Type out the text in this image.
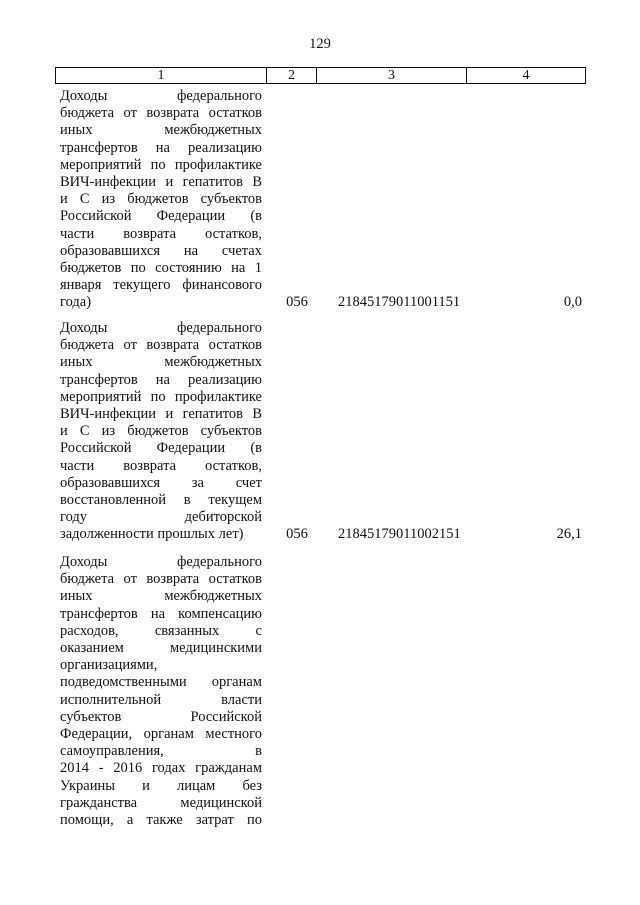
129
1	2	3	4
Доходы федерального
бюджета от возврата остатков
иных межбюджетных
трансфертов на реализацию
мероприятий по профилактике
ВИЧ-инфекции и гепатитов В
и С из бюджетов субъектов
Российской Федерации (в
части возврата остатков,
образовавшихся на счетах
бюджетов по состоянию на 1
января текущего финансового
года)	056	21845179011001151	0,0
Доходы федерального
бюджета от возврата остатков
иных межбюджетных
трансфертов на реализацию
мероприятий по профилактике
ВИЧ-инфекции и гепатитов В
и С из бюджетов субъектов
Российской Федерации (в
части возврата остатков,
образовавшихся за счет
восстановленной в текущем
году дебиторской
задолженности прошлых лет)	056	21845179011002151	26,1
Доходы федерального
бюджета от возврата остатков
иных межбюджетных
трансфертов на компенсацию
расходов, связанных с
оказанием медицинскими
организациями,
подведомственными органам
исполнительной власти
субъектов Российской
Федерации, органам местного
самоуправления, в
2014 - 2016 годах гражданам
Украины и лицам без
гражданства медицинской
помощи, а также затрат по
